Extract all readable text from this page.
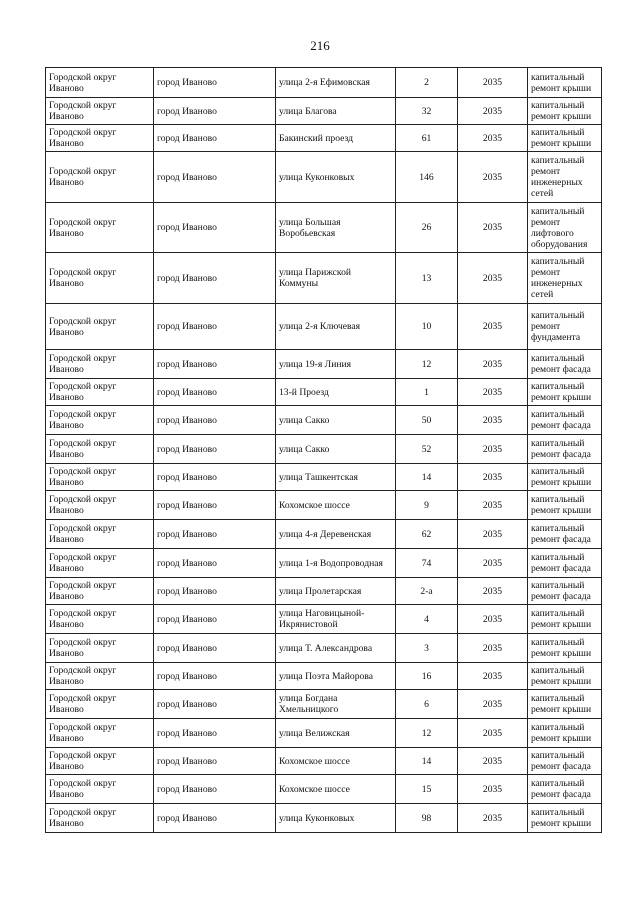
216
Городской округ Иваново	город Иваново	улица 2-я Ефимовская	2	2035	капитальный ремонт крыши
Городской округ Иваново	город Иваново	улица Благова	32	2035	капитальный ремонт крыши
Городской округ Иваново	город Иваново	Бакинский проезд	61	2035	капитальный ремонт крыши
Городской округ Иваново	город Иваново	улица Куконковых	146	2035	капитальный ремонт инженерных сетей
Городской округ Иваново	город Иваново	улица Большая Воробьевская	26	2035	капитальный ремонт лифтового оборудования
Городской округ Иваново	город Иваново	улица Парижской Коммуны	13	2035	капитальный ремонт инженерных сетей
Городской округ Иваново	город Иваново	улица 2-я Ключевая	10	2035	капитальный ремонт фундамента
Городской округ Иваново	город Иваново	улица 19-я Линия	12	2035	капитальный ремонт фасада
Городской округ Иваново	город Иваново	13-й Проезд	1	2035	капитальный ремонт крыши
Городской округ Иваново	город Иваново	улица Сакко	50	2035	капитальный ремонт фасада
Городской округ Иваново	город Иваново	улица Сакко	52	2035	капитальный ремонт фасада
Городской округ Иваново	город Иваново	улица Ташкентская	14	2035	капитальный ремонт крыши
Городской округ Иваново	город Иваново	Кохомское шоссе	9	2035	капитальный ремонт крыши
Городской округ Иваново	город Иваново	улица 4-я Деревенская	62	2035	капитальный ремонт фасада
Городской округ Иваново	город Иваново	улица 1-я Водопроводная	74	2035	капитальный ремонт фасада
Городской округ Иваново	город Иваново	улица Пролетарская	2-а	2035	капитальный ремонт фасада
Городской округ Иваново	город Иваново	улица Наговицыной-Икрянистовой	4	2035	капитальный ремонт крыши
Городской округ Иваново	город Иваново	улица Т. Александрова	3	2035	капитальный ремонт крыши
Городской округ Иваново	город Иваново	улица Поэта Майорова	16	2035	капитальный ремонт крыши
Городской округ Иваново	город Иваново	улица Богдана Хмельницкого	6	2035	капитальный ремонт крыши
Городской округ Иваново	город Иваново	улица Велижская	12	2035	капитальный ремонт крыши
Городской округ Иваново	город Иваново	Кохомское шоссе	14	2035	капитальный ремонт фасада
Городской округ Иваново	город Иваново	Кохомское шоссе	15	2035	капитальный ремонт фасада
Городской округ Иваново	город Иваново	улица Куконковых	98	2035	капитальный ремонт крыши
